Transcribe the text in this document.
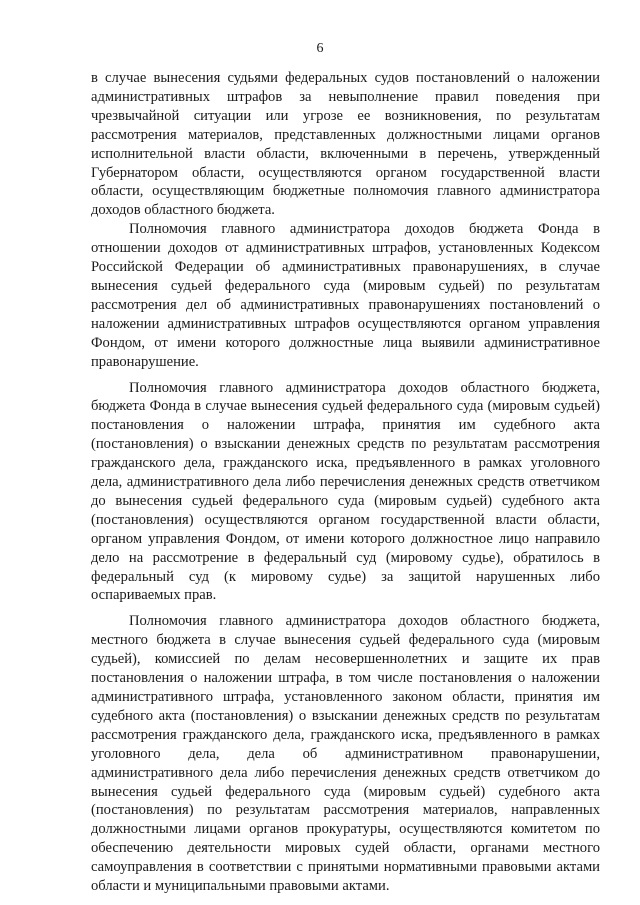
6

в случае вынесения судьями федеральных судов постановлений о наложении административных штрафов за невыполнение правил поведения при чрезвычайной ситуации или угрозе ее возникновения, по результатам рассмотрения материалов, представленных должностными лицами органов исполнительной власти области, включенными в перечень, утвержденный Губернатором области, осуществляются органом государственной власти области, осуществляющим бюджетные полномочия главного администратора доходов областного бюджета.

Полномочия главного администратора доходов бюджета Фонда в отношении доходов от административных штрафов, установленных Кодексом Российской Федерации об административных правонарушениях, в случае вынесения судьей федерального суда (мировым судьей) по результатам рассмотрения дел об административных правонарушениях постановлений о наложении административных штрафов осуществляются органом управления Фондом, от имени которого должностные лица выявили административное правонарушение.

Полномочия главного администратора доходов областного бюджета, бюджета Фонда в случае вынесения судьей федерального суда (мировым судьей) постановления о наложении штрафа, принятия им судебного акта (постановления) о взыскании денежных средств по результатам рассмотрения гражданского дела, гражданского иска, предъявленного в рамках уголовного дела, административного дела либо перечисления денежных средств ответчиком до вынесения судьей федерального суда (мировым судьей) судебного акта (постановления) осуществляются органом государственной власти области, органом управления Фондом, от имени которого должностное лицо направило дело на рассмотрение в федеральный суд (мировому судье), обратилось в федеральный суд (к мировому судье) за защитой нарушенных либо оспариваемых прав.

Полномочия главного администратора доходов областного бюджета, местного бюджета в случае вынесения судьей федерального суда (мировым судьей), комиссией по делам несовершеннолетних и защите их прав постановления о наложении штрафа, в том числе постановления о наложении административного штрафа, установленного законом области, принятия им судебного акта (постановления) о взыскании денежных средств по результатам рассмотрения гражданского дела, гражданского иска, предъявленного в рамках уголовного дела, дела об административном правонарушении, административного дела либо перечисления денежных средств ответчиком до вынесения судьей федерального суда (мировым судьей) судебного акта (постановления) по результатам рассмотрения материалов, направленных должностными лицами органов прокуратуры, осуществляются комитетом по обеспечению деятельности мировых судей области, органами местного самоуправления в соответствии с принятыми нормативными правовыми актами области и муниципальными правовыми актами.
